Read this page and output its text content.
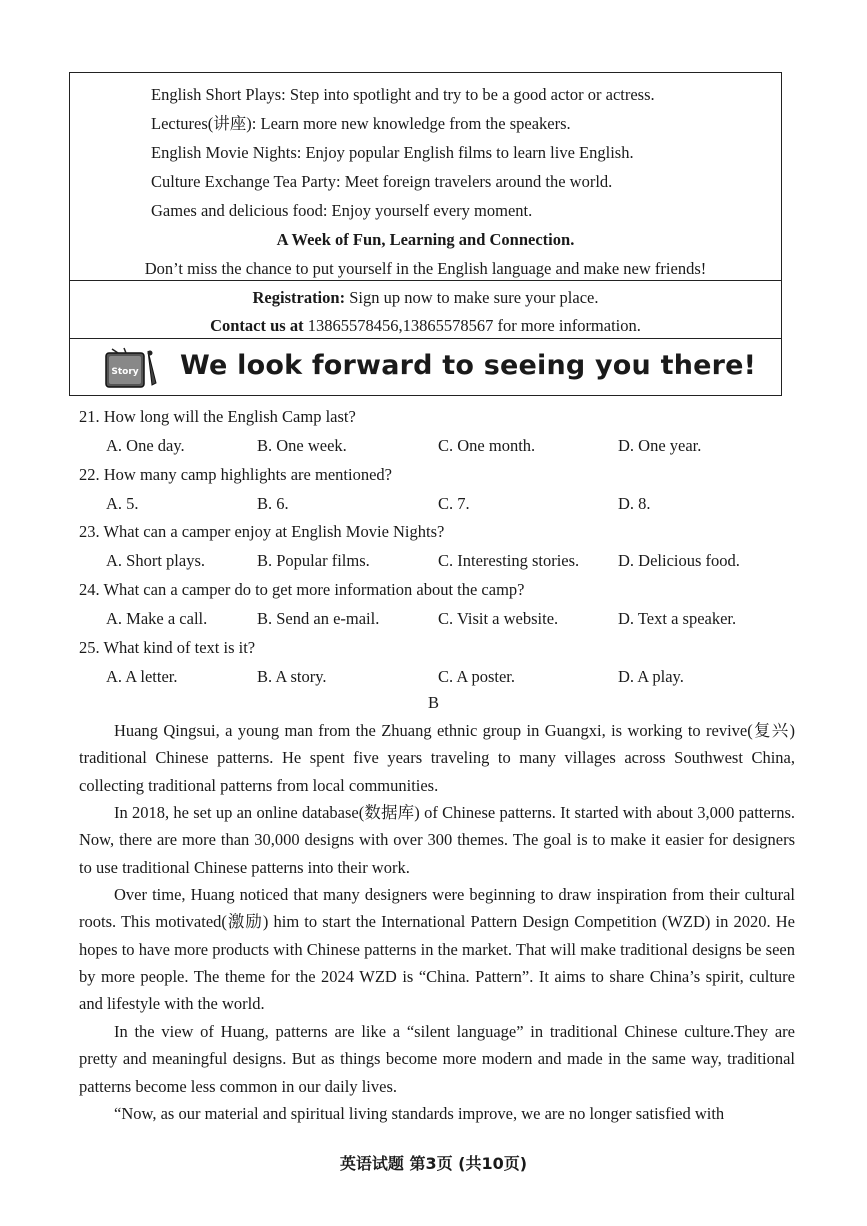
English Short Plays: Step into spotlight and try to be a good actor or actress.
Lectures(讲座): Learn more new knowledge from the speakers.
English Movie Nights: Enjoy popular English films to learn live English.
Culture Exchange Tea Party: Meet foreign travelers around the world.
Games and delicious food: Enjoy yourself every moment.
A Week of Fun, Learning and Connection.
Don’t miss the chance to put yourself in the English language and make new friends!
Registration: Sign up now to make sure your place.
Contact us at 13865578456,13865578567 for more information.
Story We look forward to seeing you there!
21. How long will the English Camp last?
A. One day.	B. One week.	C. One month.	D. One year.
22. How many camp highlights are mentioned?
A. 5.	B. 6.	C. 7.	D. 8.
23. What can a camper enjoy at English Movie Nights?
A. Short plays.	B. Popular films.	C. Interesting stories. D. Delicious food.
24. What can a camper do to get more information about the camp?
A. Make a call.	B. Send an e-mail.	C. Visit a website.	D. Text a speaker.
25. What kind of text is it?
A. A letter.	B. A story.	C. A poster.	D. A play.
B

Huang Qingsui, a young man from the Zhuang ethnic group in Guangxi, is working to revive(复兴) traditional Chinese patterns. He spent five years traveling to many villages across Southwest China, collecting traditional patterns from local communities.

In 2018, he set up an online database(数据库) of Chinese patterns. It started with about 3,000 patterns. Now, there are more than 30,000 designs with over 300 themes. The goal is to make it easier for designers to use traditional Chinese patterns into their work.

Over time, Huang noticed that many designers were beginning to draw inspiration from their cultural roots. This motivated(激励) him to start the International Pattern Design Competition (WZD) in 2020. He hopes to have more products with Chinese patterns in the market. That will make traditional designs be seen by more people. The theme for the 2024 WZD is “China. Pattern”. It aims to share China’s spirit, culture and lifestyle with the world.

In the view of Huang, patterns are like a “silent language” in traditional Chinese culture.They are pretty and meaningful designs. But as things become more modern and made in the same way, traditional patterns become less common in our daily lives.

“Now, as our material and spiritual living standards improve, we are no longer satisfied with

英语试题 第3页 (共10页)
